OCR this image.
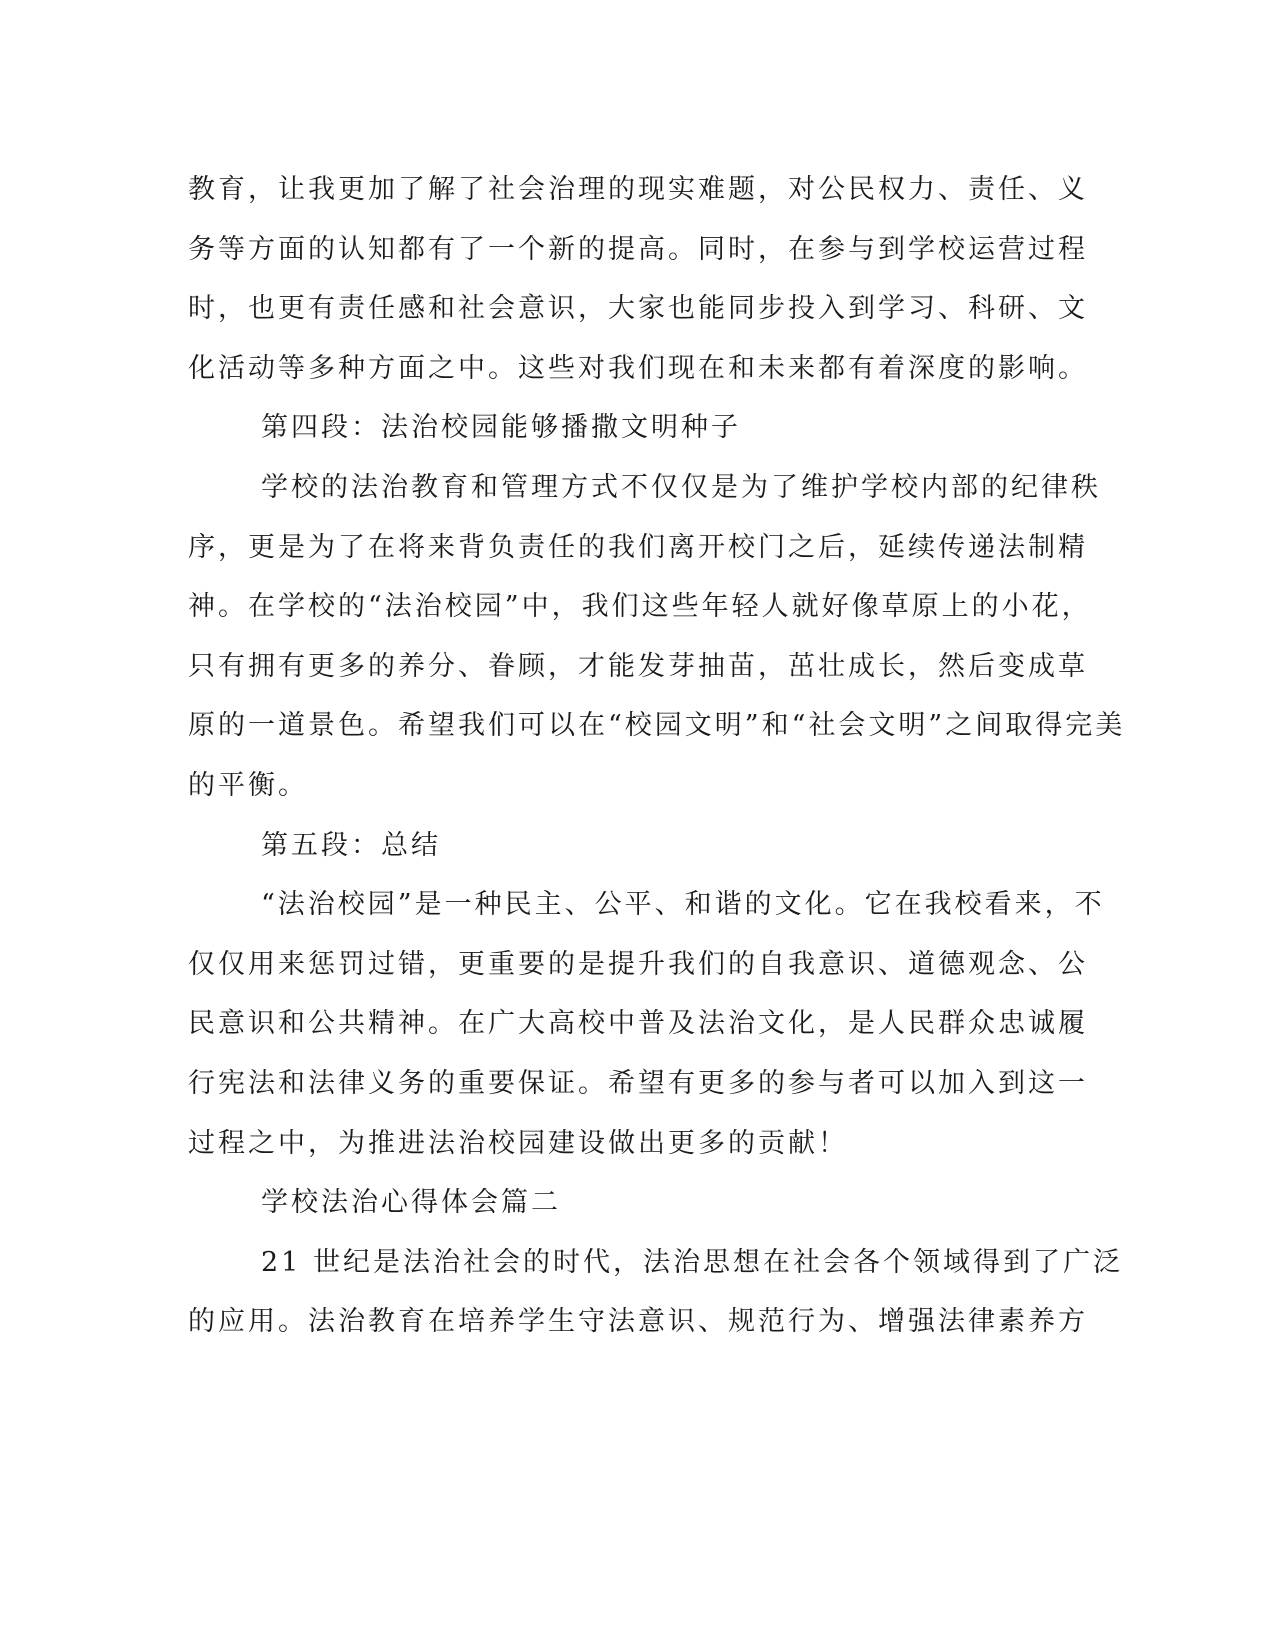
教育，让我更加了解了社会治理的现实难题，对公民权力、责任、义
务等方面的认知都有了一个新的提高。同时，在参与到学校运营过程
时，也更有责任感和社会意识，大家也能同步投入到学习、科研、文
化活动等多种方面之中。这些对我们现在和未来都有着深度的影响。
第四段：法治校园能够播撒文明种子
学校的法治教育和管理方式不仅仅是为了维护学校内部的纪律秩
序，更是为了在将来背负责任的我们离开校门之后，延续传递法制精
神。在学校的“法治校园”中，我们这些年轻人就好像草原上的小花，
只有拥有更多的养分、眷顾，才能发芽抽苗，茁壮成长，然后变成草
原的一道景色。希望我们可以在“校园文明”和“社会文明”之间取得完美
的平衡。
第五段：总结
“法治校园”是一种民主、公平、和谐的文化。它在我校看来，不
仅仅用来惩罚过错，更重要的是提升我们的自我意识、道德观念、公
民意识和公共精神。在广大高校中普及法治文化，是人民群众忠诚履
行宪法和法律义务的重要保证。希望有更多的参与者可以加入到这一
过程之中，为推进法治校园建设做出更多的贡献！
学校法治心得体会篇二
21 世纪是法治社会的时代，法治思想在社会各个领域得到了广泛
的应用。法治教育在培养学生守法意识、规范行为、增强法律素养方
